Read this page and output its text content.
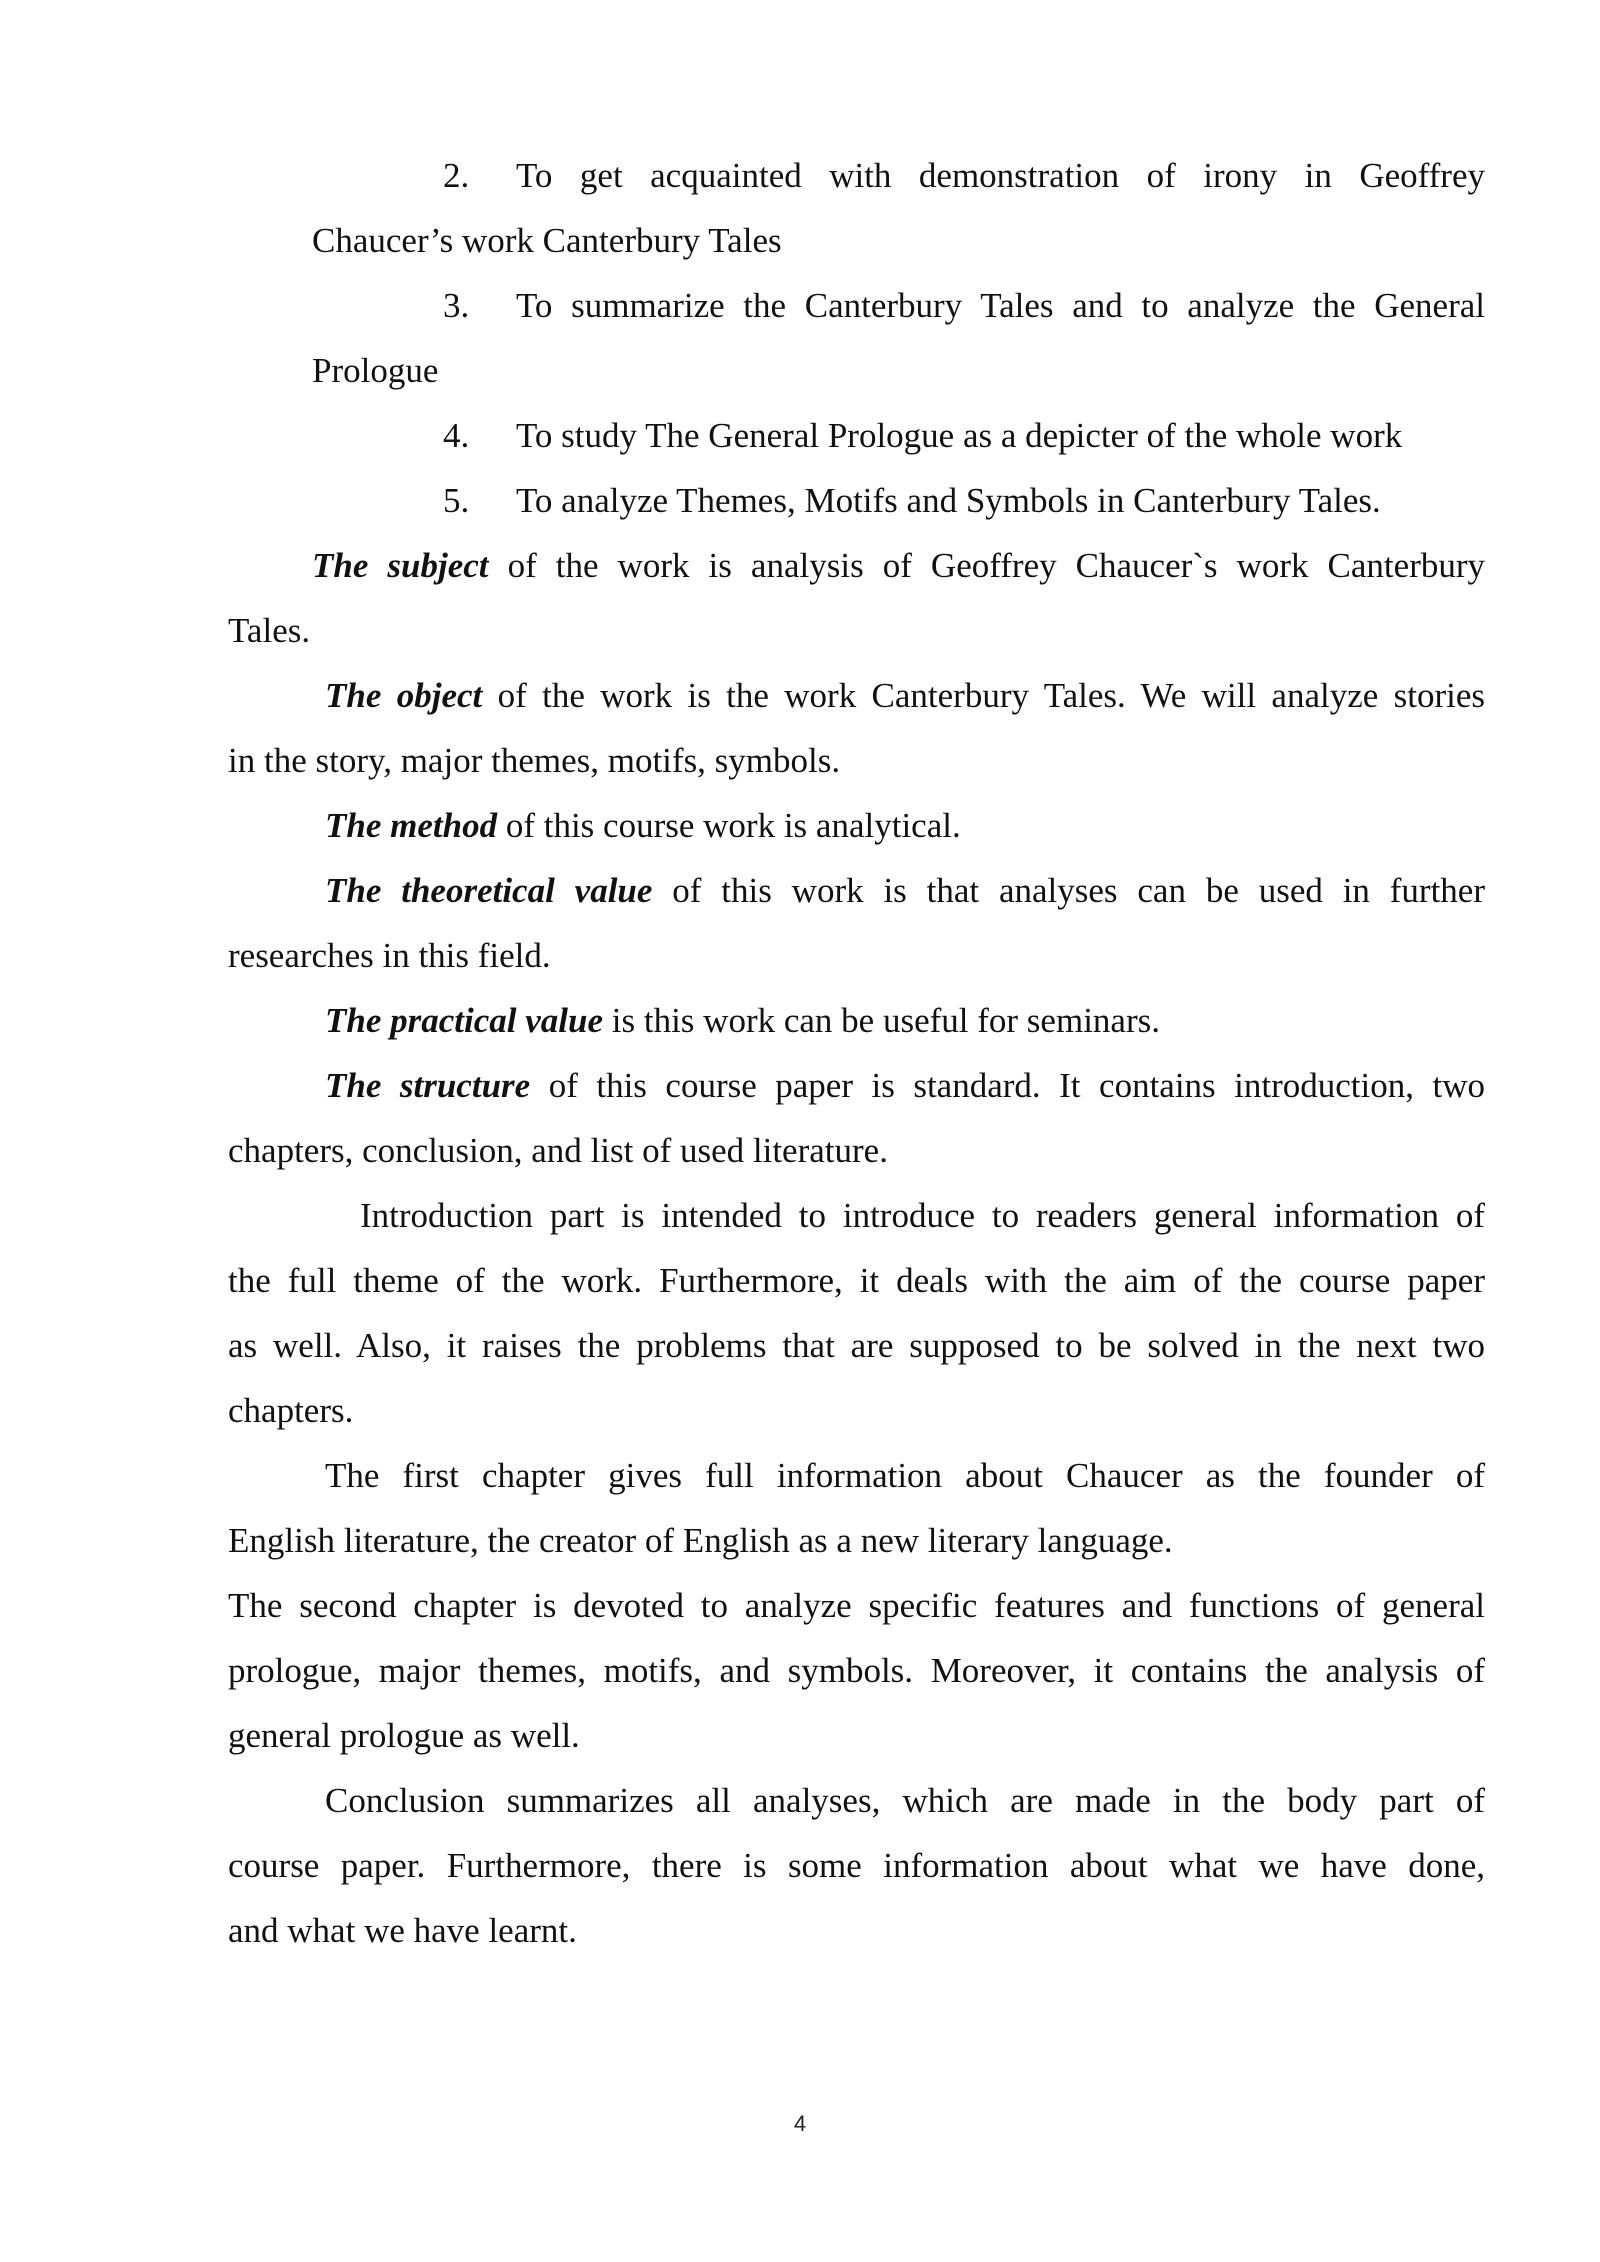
2.	To get acquainted with demonstration of irony in Geoffrey
Chaucer’s work Canterbury Tales
3.	To summarize the Canterbury Tales and to analyze the General
Prologue
4.	To study The General Prologue as a depicter of the whole work
5.	To analyze Themes, Motifs and Symbols in Canterbury Tales.
The subject of the work is analysis of Geoffrey Chaucer`s work Canterbury
Tales.
The object of the work is the work Canterbury Tales. We will analyze stories
in the story, major themes, motifs, symbols.
The method of this course work is analytical.
The theoretical value of this work is that analyses can be used in further
researches in this field.
The practical value is this work can be useful for seminars.
The structure of this course paper is standard. It contains introduction, two
chapters, conclusion, and list of used literature.
Introduction part is intended to introduce to readers general information of
the full theme of the work. Furthermore, it deals with the aim of the course paper
as well. Also, it raises the problems that are supposed to be solved in the next two
chapters.
The first chapter gives full information about Chaucer as the founder of
English literature, the creator of English as a new literary language.
The second chapter is devoted to analyze specific features and functions of general
prologue, major themes, motifs, and symbols. Moreover, it contains the analysis of
general prologue as well.
Conclusion summarizes all analyses, which are made in the body part of
course paper. Furthermore, there is some information about what we have done,
and what we have learnt.
4
